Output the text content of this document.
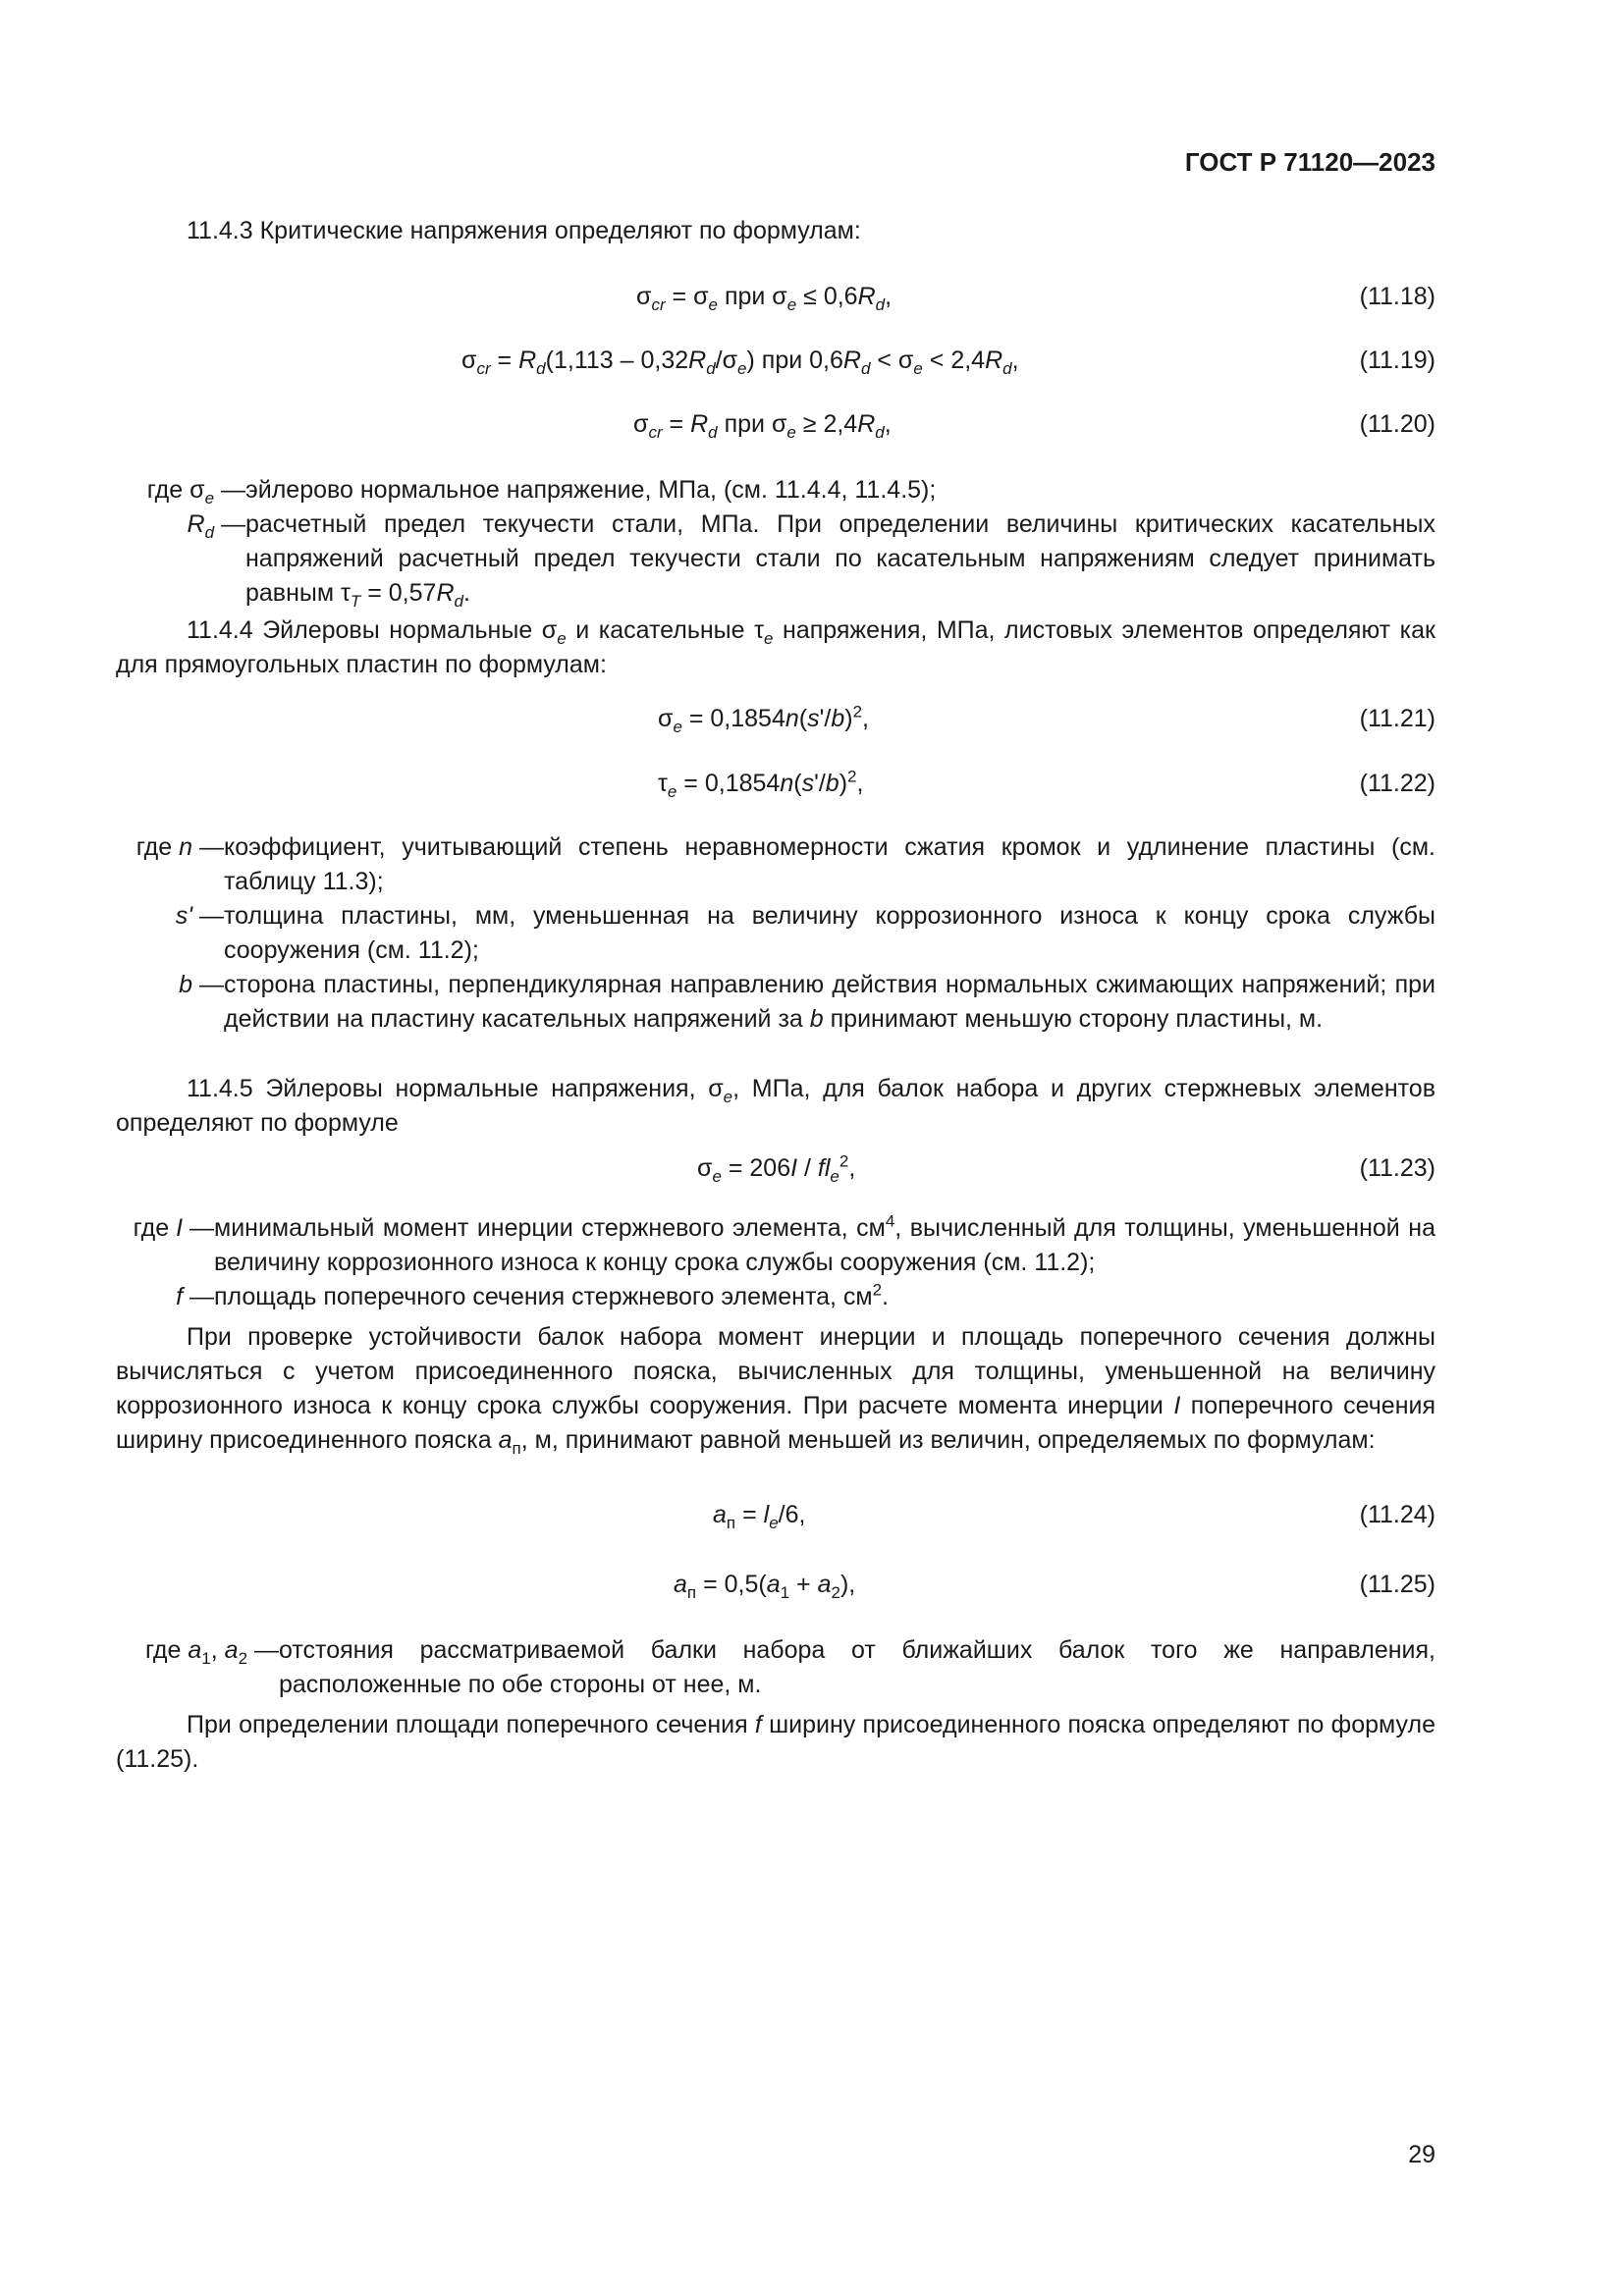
ГОСТ Р 71120—2023
11.4.3 Критические напряжения определяют по формулам:
$\sigma_{cr} = \sigma_e$ при $\sigma_e \le 0,6R_d$,	(11.18)
$\sigma_{cr} = R_d(1,113 - 0,32R_d/\sigma_e)$ при $0,6R_d < \sigma_e < 2,4R_d$,	(11.19)
$\sigma_{cr} = R_d$ при $\sigma_e \ge 2,4R_d$,	(11.20)
где $\sigma_e$ — эйлерово нормальное напряжение, МПа, (см. 11.4.4, 11.4.5);
$R_d$ — расчетный предел текучести стали, МПа. При определении величины критических касательных напряжений расчетный предел текучести стали по касательным напряжениям следует принимать равным $\tau_T = 0,57R_d$.
11.4.4 Эйлеровы нормальные $\sigma_e$ и касательные $\tau_e$ напряжения, МПа, листовых элементов определяют как для прямоугольных пластин по формулам:
$\sigma_e = 0,1854n(s'/b)^2$,	(11.21)
$\tau_e = 0,1854n(s'/b)^2$,	(11.22)
где n — коэффициент, учитывающий степень неравномерности сжатия кромок и удлинение пластины (см. таблицу 11.3);
s' — толщина пластины, мм, уменьшенная на величину коррозионного износа к концу срока службы сооружения (см. 11.2);
b — сторона пластины, перпендикулярная направлению действия нормальных сжимающих напряжений; при действии на пластину касательных напряжений за b принимают меньшую сторону пластины, м.
11.4.5 Эйлеровы нормальные напряжения, $\sigma_e$, МПа, для балок набора и других стержневых элементов определяют по формуле
$\sigma_e = 206I / fl_e^2$,	(11.23)
где I — минимальный момент инерции стержневого элемента, $см^4$, вычисленный для толщины, уменьшенной на величину коррозионного износа к концу срока службы сооружения (см. 11.2);
f — площадь поперечного сечения стержневого элемента, $см^2$.
При проверке устойчивости балок набора момент инерции и площадь поперечного сечения должны вычисляться с учетом присоединенного пояска, вычисленных для толщины, уменьшенной на величину коррозионного износа к концу срока службы сооружения. При расчете момента инерции I поперечного сечения ширину присоединенного пояска $a_п$, м, принимают равной меньшей из величин, определяемых по формулам:
$a_п = l_e/6$,	(11.24)
$a_п = 0,5(a_1 + a_2)$,	(11.25)
где $a_1$, $a_2$ — отстояния рассматриваемой балки набора от ближайших балок того же направления, расположенные по обе стороны от нее, м.
При определении площади поперечного сечения f ширину присоединенного пояска определяют по формуле (11.25).
29
